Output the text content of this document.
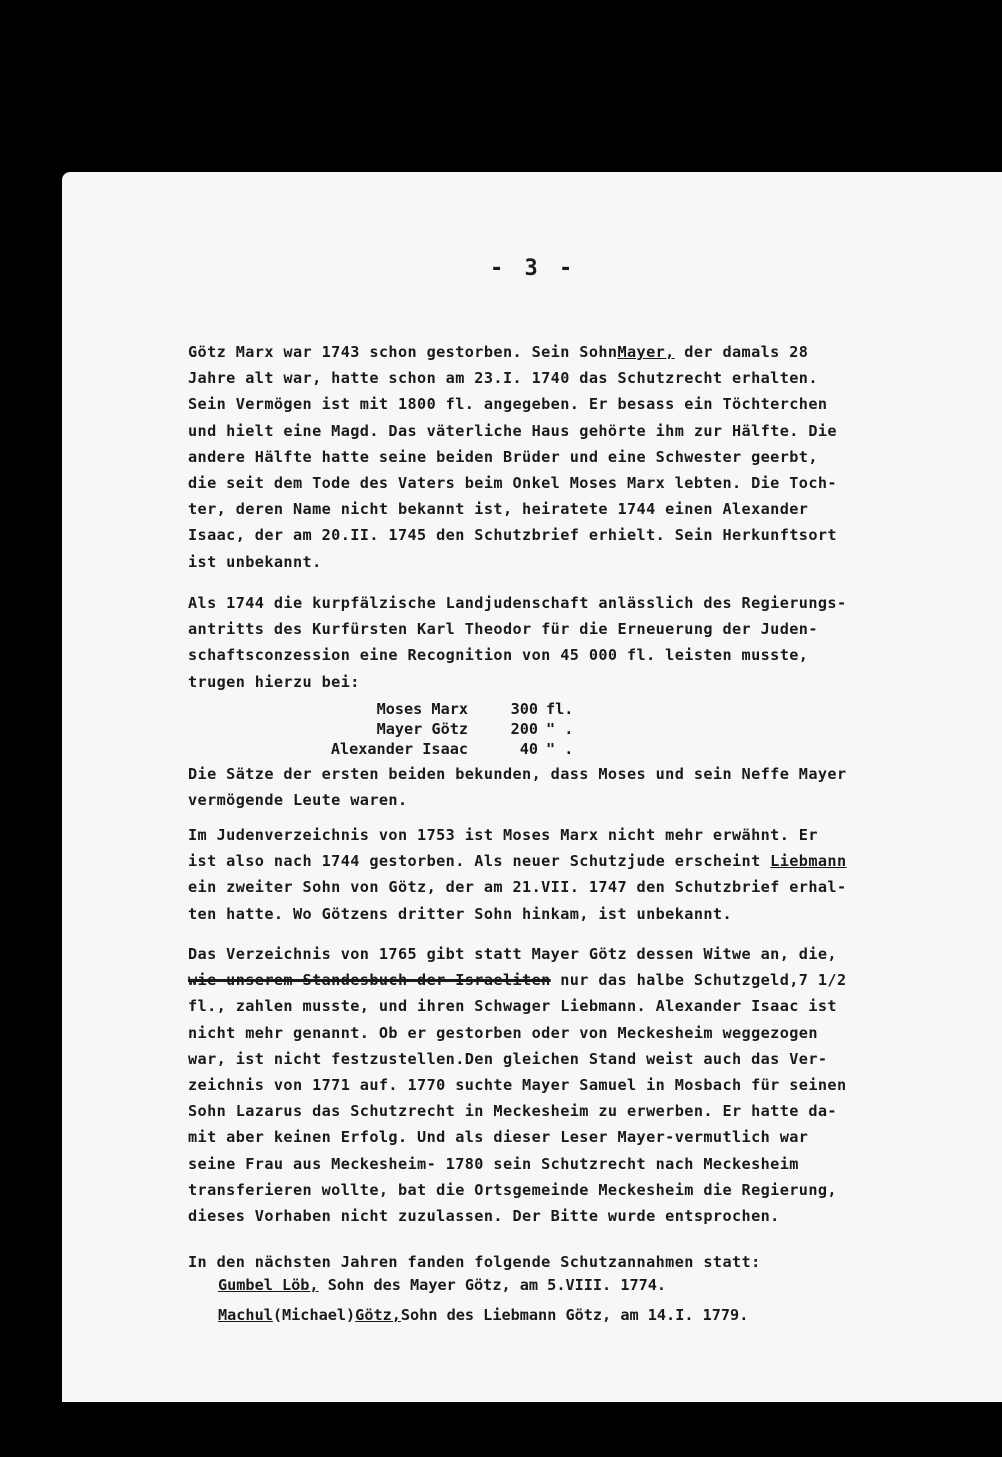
- 3 -
Götz Marx war 1743 schon gestorben. Sein SohnMayer, der damals 28
Jahre alt war, hatte schon am 23.I. 1740 das Schutzrecht erhalten.
Sein Vermögen ist mit 1800 fl. angegeben. Er besass ein Töchterchen
und hielt eine Magd. Das väterliche Haus gehörte ihm zur Hälfte. Die
andere Hälfte hatte seine beiden Brüder und eine Schwester geerbt,
die seit dem Tode des Vaters beim Onkel Moses Marx lebten. Die Toch-
ter, deren Name nicht bekannt ist, heiratete 1744 einen Alexander
Isaac, der am 20.II. 1745 den Schutzbrief erhielt. Sein Herkunftsort
ist unbekannt.
Als 1744 die kurpfälzische Landjudenschaft anlässlich des Regierungs-
antritts des Kurfürsten Karl Theodor für die Erneuerung der Juden-
schaftsconzession eine Recognition von 45 000 fl. leisten musste,
trugen hierzu bei:
Moses Marx	300 fl.
Mayer Götz	200 " .
Alexander Isaac	40 " .
Die Sätze der ersten beiden bekunden, dass Moses und sein Neffe Mayer
vermögende Leute waren.
Im Judenverzeichnis von 1753 ist Moses Marx nicht mehr erwähnt. Er
ist also nach 1744 gestorben. Als neuer Schutzjude erscheint Liebmann
ein zweiter Sohn von Götz, der am 21.VII. 1747 den Schutzbrief erhal-
ten hatte. Wo Götzens dritter Sohn hinkam, ist unbekannt.
Das Verzeichnis von 1765 gibt statt Mayer Götz dessen Witwe an, die,
wie unserem Standesbuch der Israeliten nur das halbe Schutzgeld,7 1/2
fl., zahlen musste, und ihren Schwager Liebmann. Alexander Isaac ist
nicht mehr genannt. Ob er gestorben oder von Meckesheim weggezogen
war, ist nicht festzustellen.Den gleichen Stand weist auch das Ver-
zeichnis von 1771 auf. 1770 suchte Mayer Samuel in Mosbach für seinen
Sohn Lazarus das Schutzrecht in Meckesheim zu erwerben. Er hatte da-
mit aber keinen Erfolg. Und als dieser Leser Mayer-vermutlich war
seine Frau aus Meckesheim- 1780 sein Schutzrecht nach Meckesheim
transferieren wollte, bat die Ortsgemeinde Meckesheim die Regierung,
dieses Vorhaben nicht zuzulassen. Der Bitte wurde entsprochen.
In den nächsten Jahren fanden folgende Schutzannahmen statt:
Gumbel Löb, Sohn des Mayer Götz, am 5.VIII. 1774.
Machul(Michael)Götz,Sohn des Liebmann Götz, am 14.I. 1779.
